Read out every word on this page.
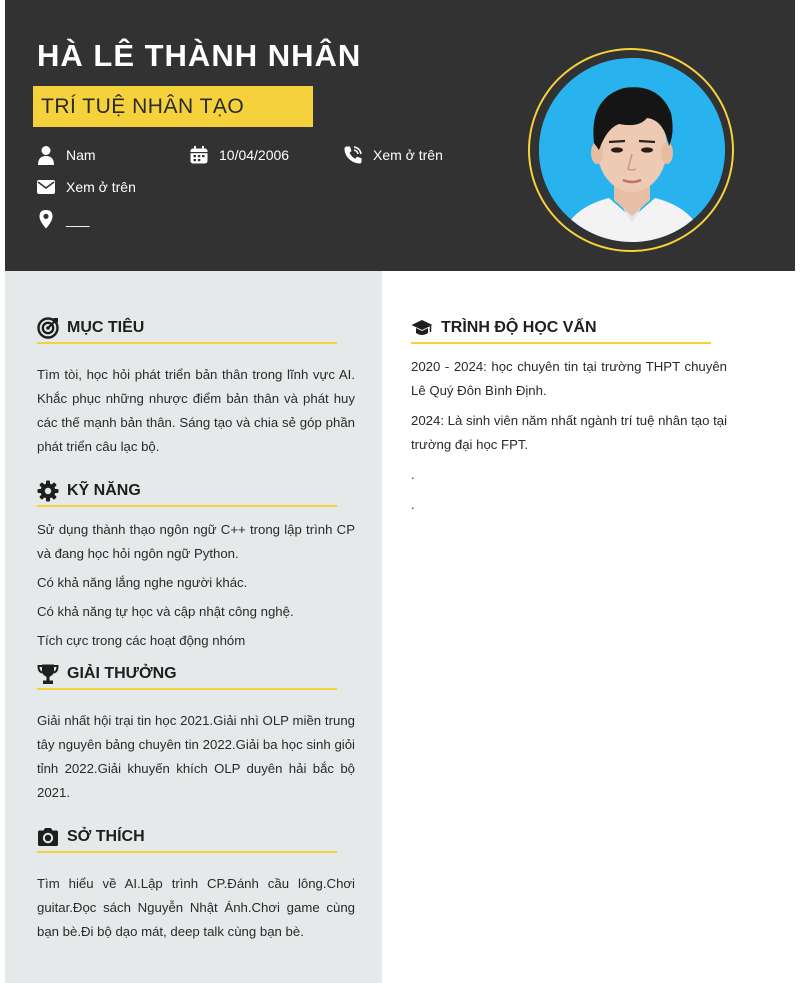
HÀ LÊ THÀNH NHÂN
TRÍ TUỆ NHÂN TẠO
Nam	10/04/2006	Xem ở trên
Xem ở trên
___
MỤC TIÊU

Tìm tòi, học hỏi phát triển bản thân trong lĩnh vực AI. Khắc phục những nhược điểm bản thân và phát huy các thế mạnh bản thân. Sáng tạo và chia sẻ góp phần phát triển câu lạc bộ.

KỸ NĂNG
Sử dụng thành thạo ngôn ngữ C++ trong lập trình CP và đang học hỏi ngôn ngữ Python.
Có khả năng lắng nghe người khác.
Có khả năng tự học và cập nhật công nghệ.
Tích cực trong các hoạt động nhóm
GIẢI THƯỞNG

Giải nhất hội trại tin học 2021.Giải nhì OLP miền trung tây nguyên bảng chuyên tin 2022.Giải ba học sinh giỏi tỉnh 2022.Giải khuyến khích OLP duyên hải bắc bộ 2021.

SỞ THÍCH

Tìm hiểu về AI.Lập trình CP.Đánh cầu lông.Chơi guitar.Đọc sách Nguyễn Nhật Ánh.Chơi game cùng bạn bè.Đi bộ dạo mát, deep talk cùng bạn bè.

TRÌNH ĐỘ HỌC VẤN
2020 - 2024: học chuyên tin tại trường THPT chuyên Lê Quý Đôn Bình Định.
2024: Là sinh viên năm nhất ngành trí tuệ nhân tạo tại trường đại học FPT.
.
.
